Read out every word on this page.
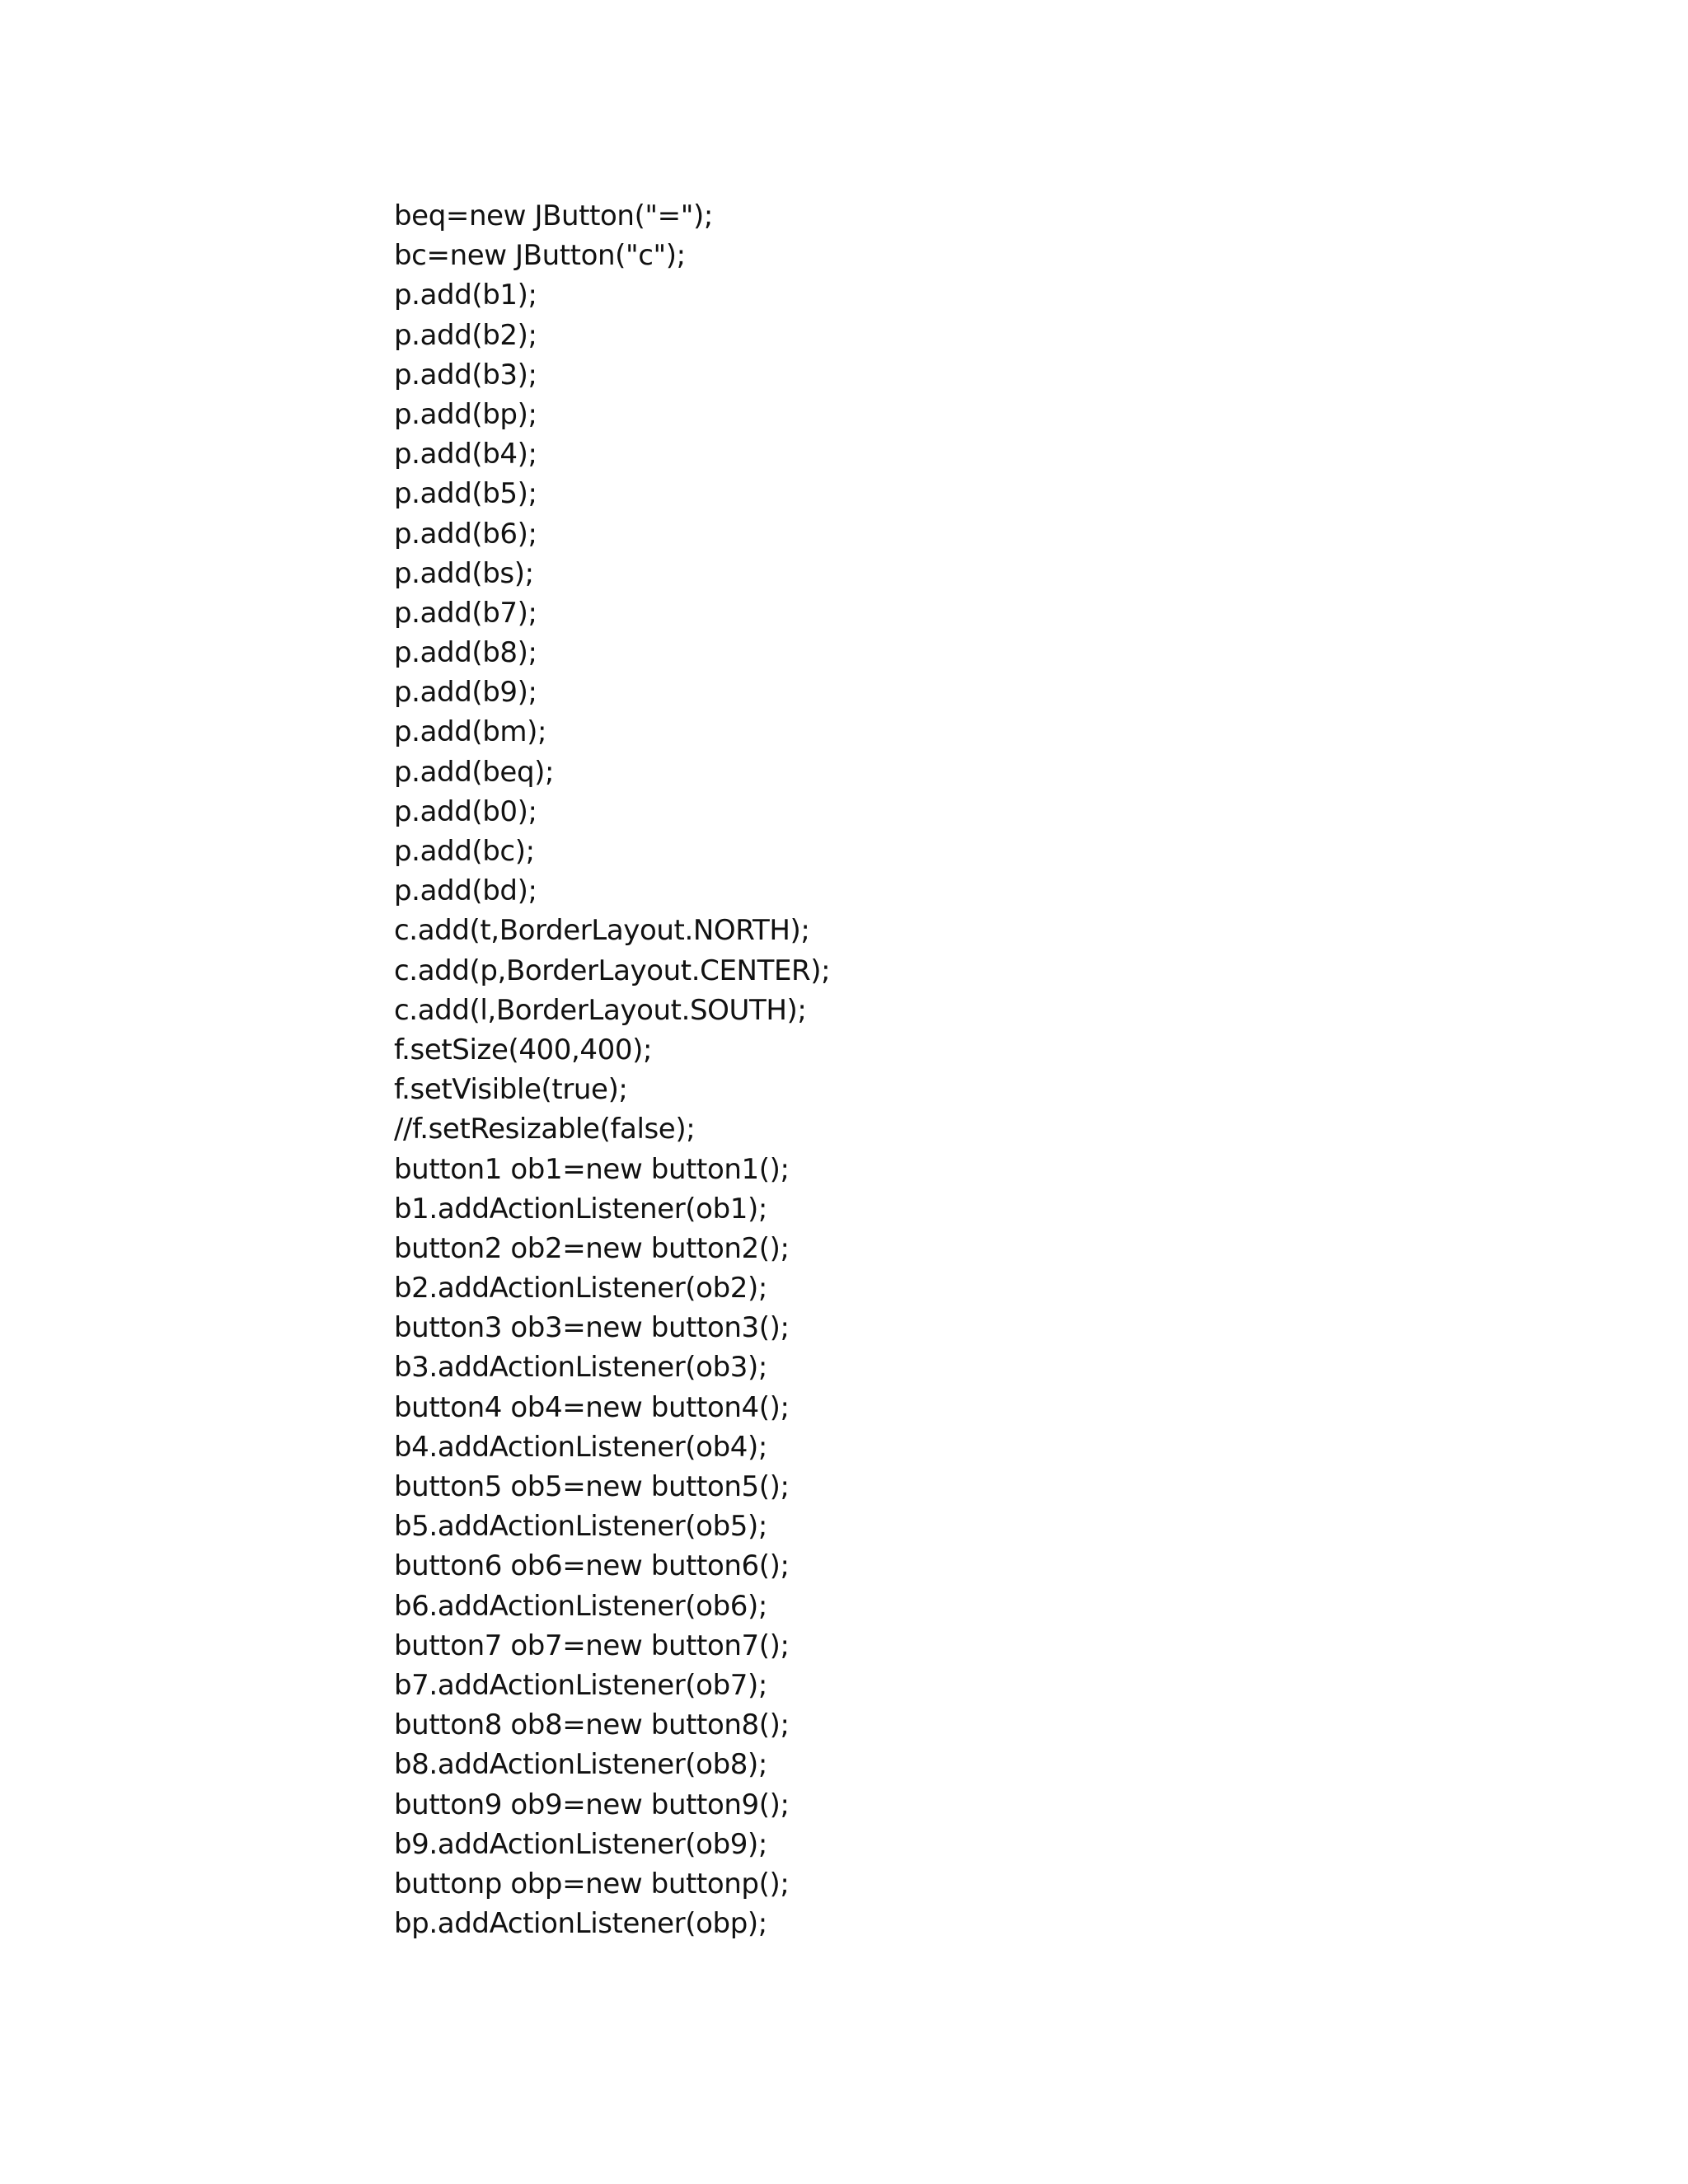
beq=new JButton("=");
bc=new JButton("c");
p.add(b1);
p.add(b2);
p.add(b3);
p.add(bp);
p.add(b4);
p.add(b5);
p.add(b6);
p.add(bs);
p.add(b7);
p.add(b8);
p.add(b9);
p.add(bm);
p.add(beq);
p.add(b0);
p.add(bc);
p.add(bd);
c.add(t,BorderLayout.NORTH);
c.add(p,BorderLayout.CENTER);
c.add(l,BorderLayout.SOUTH);
f.setSize(400,400);
f.setVisible(true);
//f.setResizable(false);
button1 ob1=new button1();
b1.addActionListener(ob1);
button2 ob2=new button2();
b2.addActionListener(ob2);
button3 ob3=new button3();
b3.addActionListener(ob3);
button4 ob4=new button4();
b4.addActionListener(ob4);
button5 ob5=new button5();
b5.addActionListener(ob5);
button6 ob6=new button6();
b6.addActionListener(ob6);
button7 ob7=new button7();
b7.addActionListener(ob7);
button8 ob8=new button8();
b8.addActionListener(ob8);
button9 ob9=new button9();
b9.addActionListener(ob9);
buttonp obp=new buttonp();
bp.addActionListener(obp);
